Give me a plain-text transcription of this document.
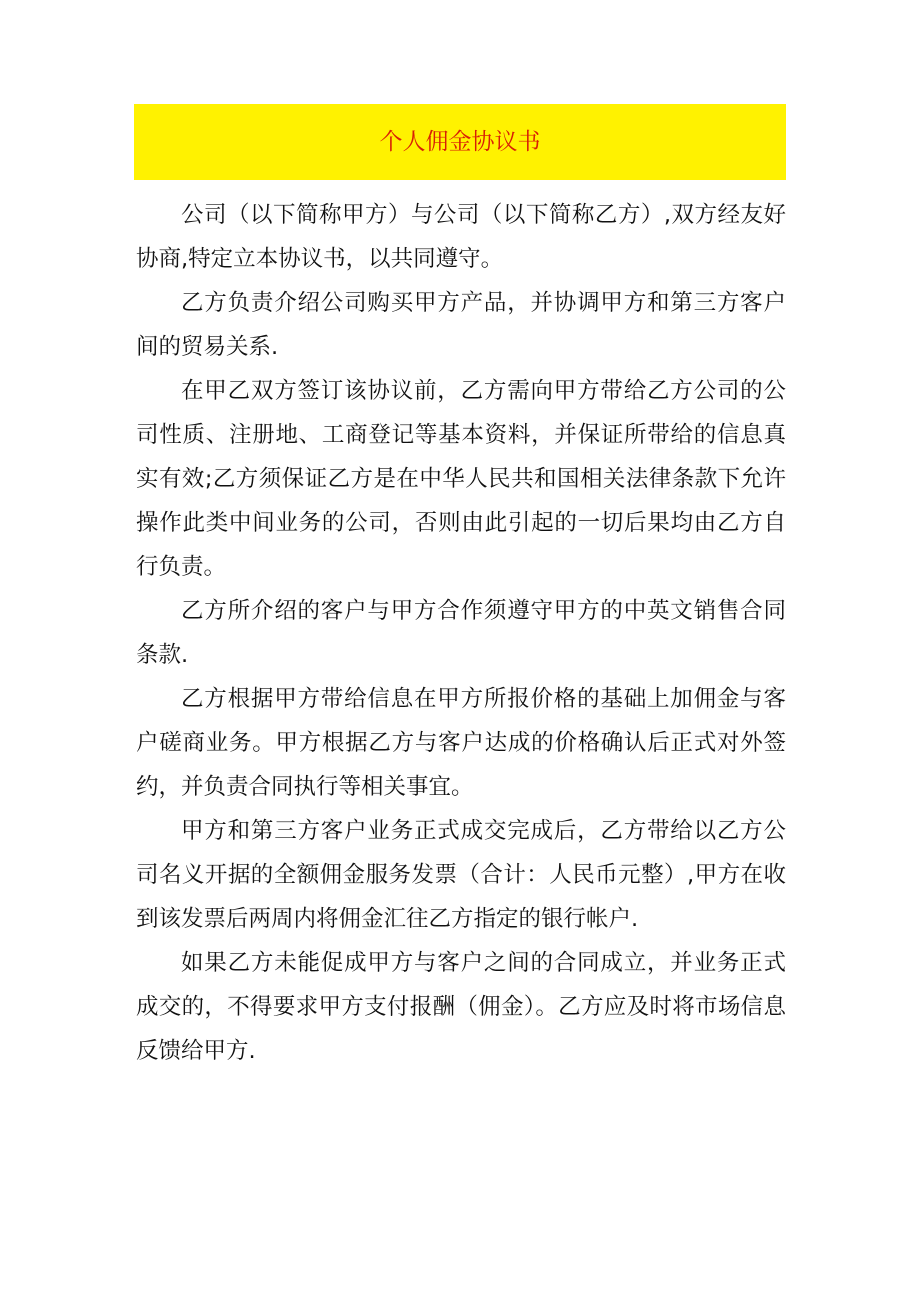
个人佣金协议书

公司（以下简称甲方）与公司（以下简称乙方）,双方经友好协商,特定立本协议书，以共同遵守。

乙方负责介绍公司购买甲方产品，并协调甲方和第三方客户间的贸易关系.

在甲乙双方签订该协议前，乙方需向甲方带给乙方公司的公司性质、注册地、工商登记等基本资料，并保证所带给的信息真实有效;乙方须保证乙方是在中华人民共和国相关法律条款下允许操作此类中间业务的公司，否则由此引起的一切后果均由乙方自行负责。

乙方所介绍的客户与甲方合作须遵守甲方的中英文销售合同条款.

乙方根据甲方带给信息在甲方所报价格的基础上加佣金与客户磋商业务。甲方根据乙方与客户达成的价格确认后正式对外签约，并负责合同执行等相关事宜。

甲方和第三方客户业务正式成交完成后，乙方带给以乙方公司名义开据的全额佣金服务发票（合计：人民币元整）,甲方在收到该发票后两周内将佣金汇往乙方指定的银行帐户.

如果乙方未能促成甲方与客户之间的合同成立，并业务正式成交的，不得要求甲方支付报酬（佣金）。乙方应及时将市场信息反馈给甲方.
